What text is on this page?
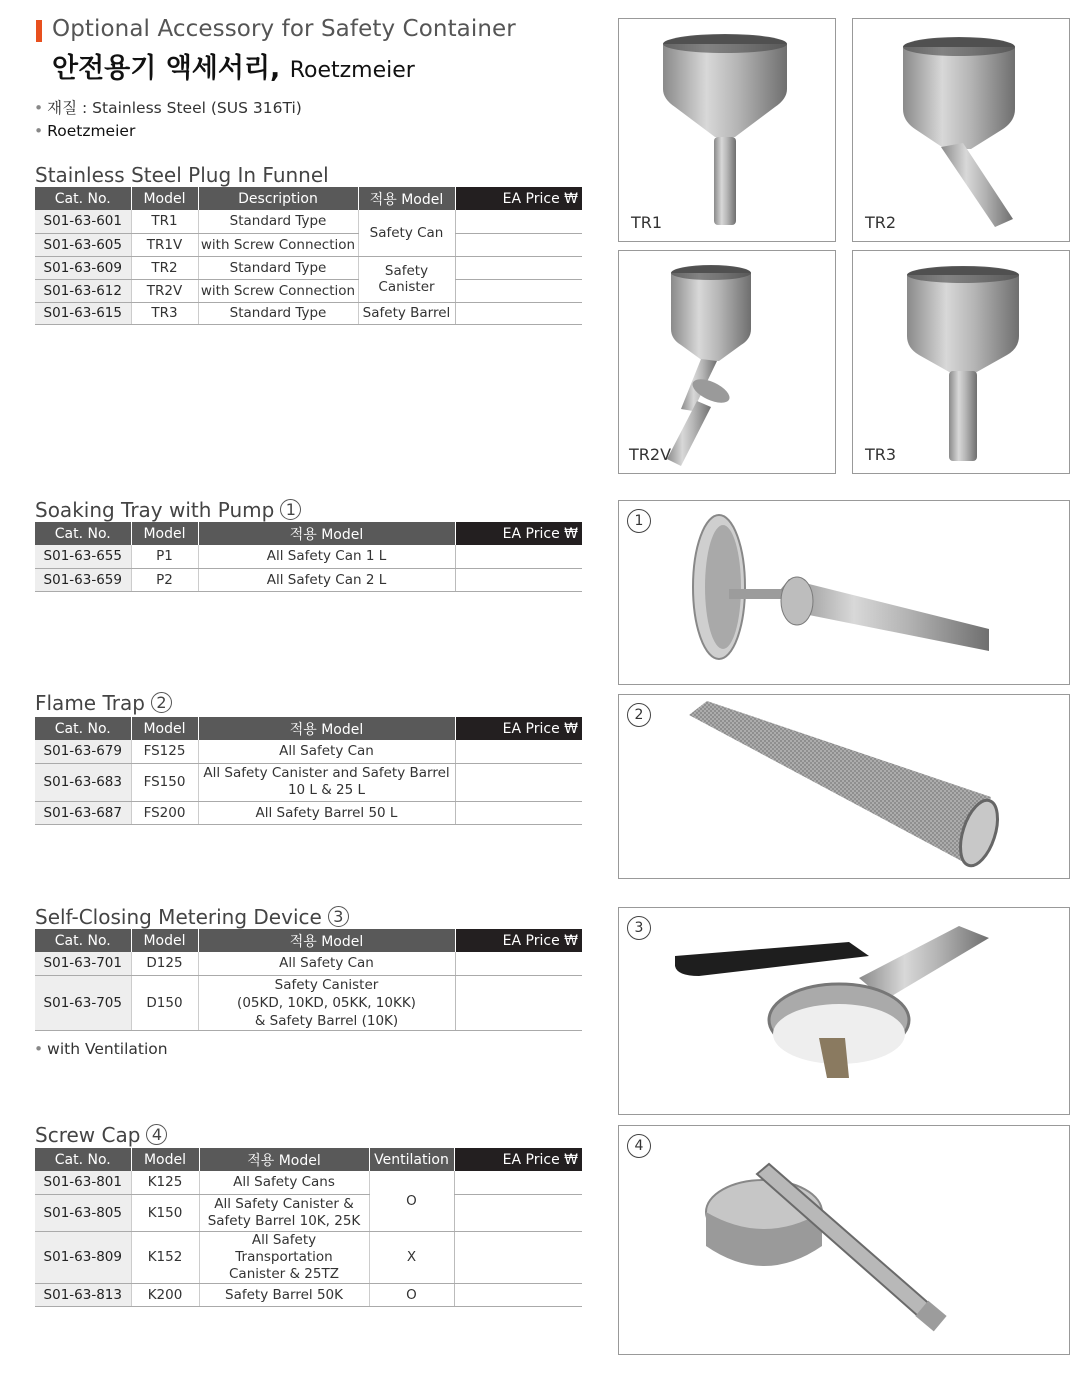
Optional Accessory for Safety Container
안전용기 액세서리, Roetzmeier
• 재질 : Stainless Steel (SUS 316Ti)
• Roetzmeier
Stainless Steel Plug In Funnel
Cat. No.	Model	Description	적용 Model	EA Price ₩
S01-63-601	TR1	Standard Type	Safety Can	
S01-63-605	TR1V	with Screw Connection		
S01-63-609	TR2	Standard Type	Safety Canister	
S01-63-612	TR2V	with Screw Connection		
S01-63-615	TR3	Standard Type	Safety Barrel	
Soaking Tray with Pump 1
Cat. No.	Model	적용 Model	EA Price ₩
S01-63-655	P1	All Safety Can 1 L	
S01-63-659	P2	All Safety Can 2 L	
Flame Trap 2
Cat. No.	Model	적용 Model	EA Price ₩
S01-63-679	FS125	All Safety Can	
S01-63-683	FS150	All Safety Canister and Safety Barrel
10 L & 25 L	
S01-63-687	FS200	All Safety Barrel 50 L	
Self-Closing Metering Device 3
Cat. No.	Model	적용 Model	EA Price ₩
S01-63-701	D125	All Safety Can	
S01-63-705	D150	Safety Canister
(05KD, 10KD, 05KK, 10KK)
& Safety Barrel (10K)	
• with Ventilation
Screw Cap 4
Cat. No.	Model	적용 Model	Ventilation	EA Price ₩
S01-63-801	K125	All Safety Cans	O	
S01-63-805	K150	All Safety Canister &
Safety Barrel 10K, 25K		
S01-63-809	K152	All Safety Transportation
Canister & 25TZ	X	
S01-63-813	K200	Safety Barrel 50K	O	
TR1	TR2
TR2V	TR3
1
2
3
4
